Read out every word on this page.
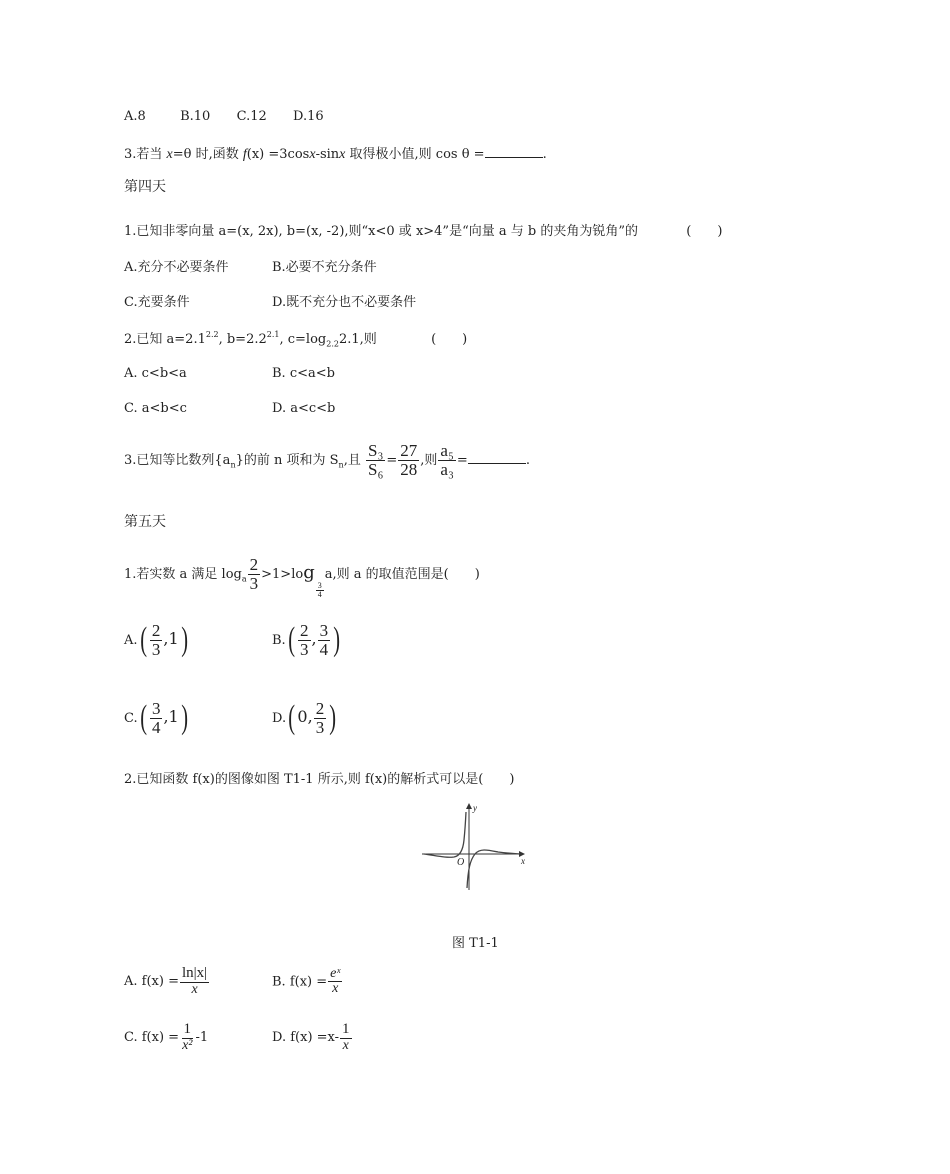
A.8	B.10 C.12 D.16
3.若当 x=θ 时,函数 f(x) =3cosx-sinx 取得极小值,则 cos θ =	.
第四天
1.已知非零向量 a=(x, 2x), b=(x, -2),则“x<0 或 x>4”是“向量 a 与 b 的夹角为锐角”的	(　　)
A.充分不必要条件	B.必要不充分条件
C.充要条件	D.既不充分也不必要条件
2.已知 $a=2.1^{2.2}$, $b=2.2^{2.1}$, $c=\log_{2.2}2.1$,则	(　　)
A. c<b<a	B. c<a<b
C. a<b<c	D. a<c<b
3.已知等比数列$\{a_n\}$的前 n 项和为 $S_n$,且 $\frac{\text{S₃}}{\text{S₆}} = \frac{27}{28}$ ,则 $\frac{\text{a₅}}{\text{a₃}}$ =	.
第五天
1.若实数 a 满足 $\log_a \frac{2}{3} >1>\log$
$\frac{3}{4}$
a,则 a 的取值范围是(　　)
$A.( \frac{2}{3} ,1)$	$B.( \frac{2}{3}$ , $\frac{3}{4}$ )
$C.( \frac{3}{4} ,1)$	D.( 0, $\frac{2}{3}$ )
2.已知函数 f(x)的图像如图 T1-1 所示,则 f(x)的解析式可以是(　　)
y
x
O
图 T1-1
A. $f(x) = \frac{\ln|x|}{x}$	B. $f(x) = \frac{\text{eˣ}}{x}$
C. $f(x) = \frac{1}{\text{x²}} -1$	D. $f(x) =x- \frac{1}{x}$
